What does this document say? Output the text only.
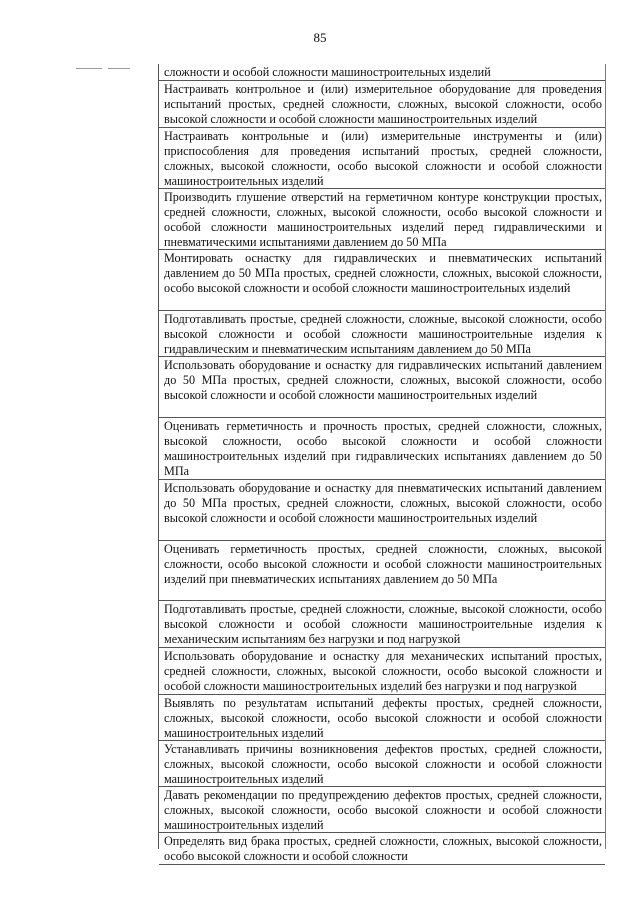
85
сложности и особой сложности машиностроительных изделий
Настраивать контрольное и (или) измерительное оборудование для проведения испытаний простых, средней сложности, сложных, высокой сложности, особо высокой сложности и особой сложности машиностроительных изделий
Настраивать контрольные и (или) измерительные инструменты и (или) приспособления для проведения испытаний простых, средней сложности, сложных, высокой сложности, особо высокой сложности и особой сложности машиностроительных изделий
Производить глушение отверстий на герметичном контуре конструкции простых, средней сложности, сложных, высокой сложности, особо высокой сложности и особой сложности машиностроительных изделий перед гидравлическими и пневматическими испытаниями давлением до 50 МПа
Монтировать оснастку для гидравлических и пневматических испытаний давлением до 50 МПа простых, средней сложности, сложных, высокой сложности, особо высокой сложности и особой сложности машиностроительных изделий
Подготавливать простые, средней сложности, сложные, высокой сложности, особо высокой сложности и особой сложности машиностроительные изделия к гидравлическим и пневматическим испытаниям давлением до 50 МПа
Использовать оборудование и оснастку для гидравлических испытаний давлением до 50 МПа простых, средней сложности, сложных, высокой сложности, особо высокой сложности и особой сложности машиностроительных изделий
Оценивать герметичность и прочность простых, средней сложности, сложных, высокой сложности, особо высокой сложности и особой сложности машиностроительных изделий при гидравлических испытаниях давлением до 50 МПа
Использовать оборудование и оснастку для пневматических испытаний давлением до 50 МПа простых, средней сложности, сложных, высокой сложности, особо высокой сложности и особой сложности машиностроительных изделий
Оценивать герметичность простых, средней сложности, сложных, высокой сложности, особо высокой сложности и особой сложности машиностроительных изделий при пневматических испытаниях давлением до 50 МПа
Подготавливать простые, средней сложности, сложные, высокой сложности, особо высокой сложности и особой сложности машиностроительные изделия к механическим испытаниям без нагрузки и под нагрузкой
Использовать оборудование и оснастку для механических испытаний простых, средней сложности, сложных, высокой сложности, особо высокой сложности и особой сложности машиностроительных изделий без нагрузки и под нагрузкой
Выявлять по результатам испытаний дефекты простых, средней сложности, сложных, высокой сложности, особо высокой сложности и особой сложности машиностроительных изделий
Устанавливать причины возникновения дефектов простых, средней сложности, сложных, высокой сложности, особо высокой сложности и особой сложности машиностроительных изделий
Давать рекомендации по предупреждению дефектов простых, средней сложности, сложных, высокой сложности, особо высокой сложности и особой сложности машиностроительных изделий
Определять вид брака простых, средней сложности, сложных, высокой сложности, особо высокой сложности и особой сложности
